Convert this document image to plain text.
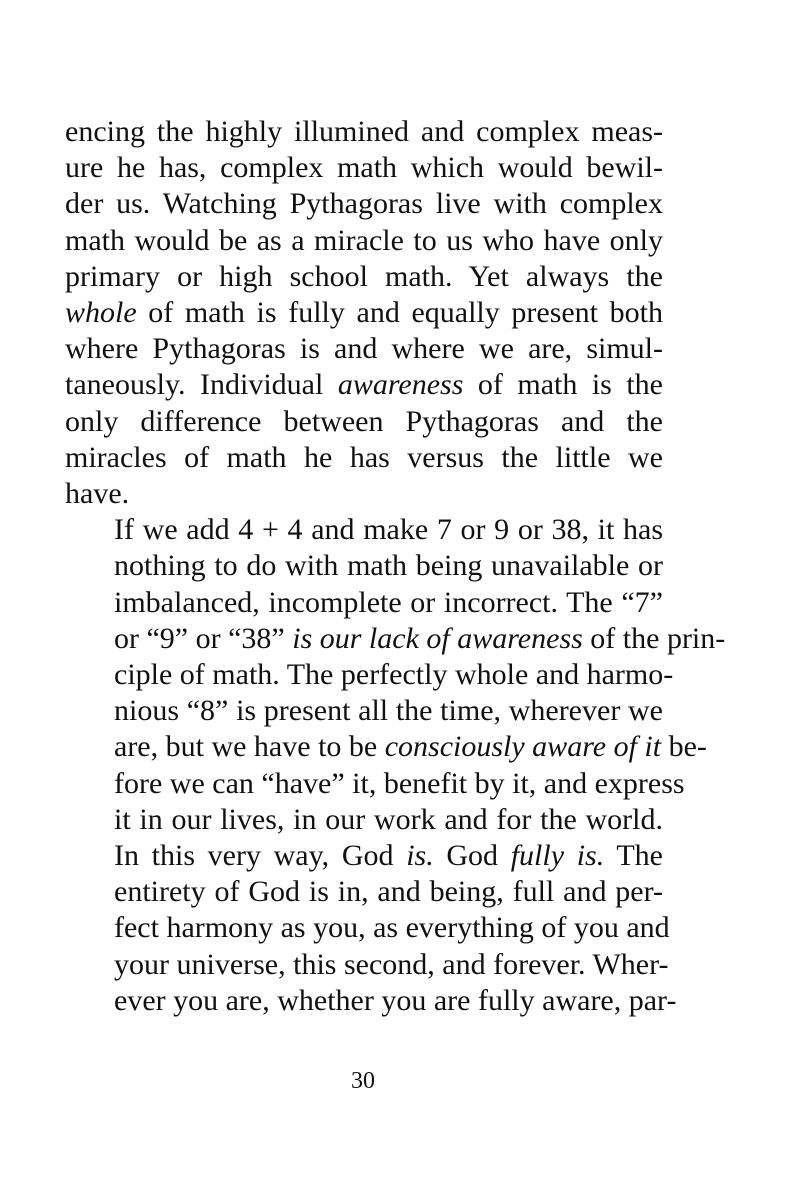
encing the highly illumined and complex meas-
ure he has, complex math which would bewil-
der us. Watching Pythagoras live with complex
math would be as a miracle to us who have only
primary or high school math. Yet always the
whole of math is fully and equally present both
where Pythagoras is and where we are, simul-
taneously. Individual awareness of math is the
only difference between Pythagoras and the
miracles of math he has versus the little we
have.

If we add 4 + 4 and make 7 or 9 or 38, it has
nothing to do with math being unavailable or
imbalanced, incomplete or incorrect. The “7”
or “9” or “38” is our lack of awareness of the prin-
ciple of math. The perfectly whole and harmo-
nious “8” is present all the time, wherever we
are, but we have to be consciously aware of it be-
fore we can “have” it, benefit by it, and express
it in our lives, in our work and for the world.

In this very way, God is. God fully is. The
entirety of God is in, and being, full and per-
fect harmony as you, as everything of you and
your universe, this second, and forever. Wher-
ever you are, whether you are fully aware, par-

30
